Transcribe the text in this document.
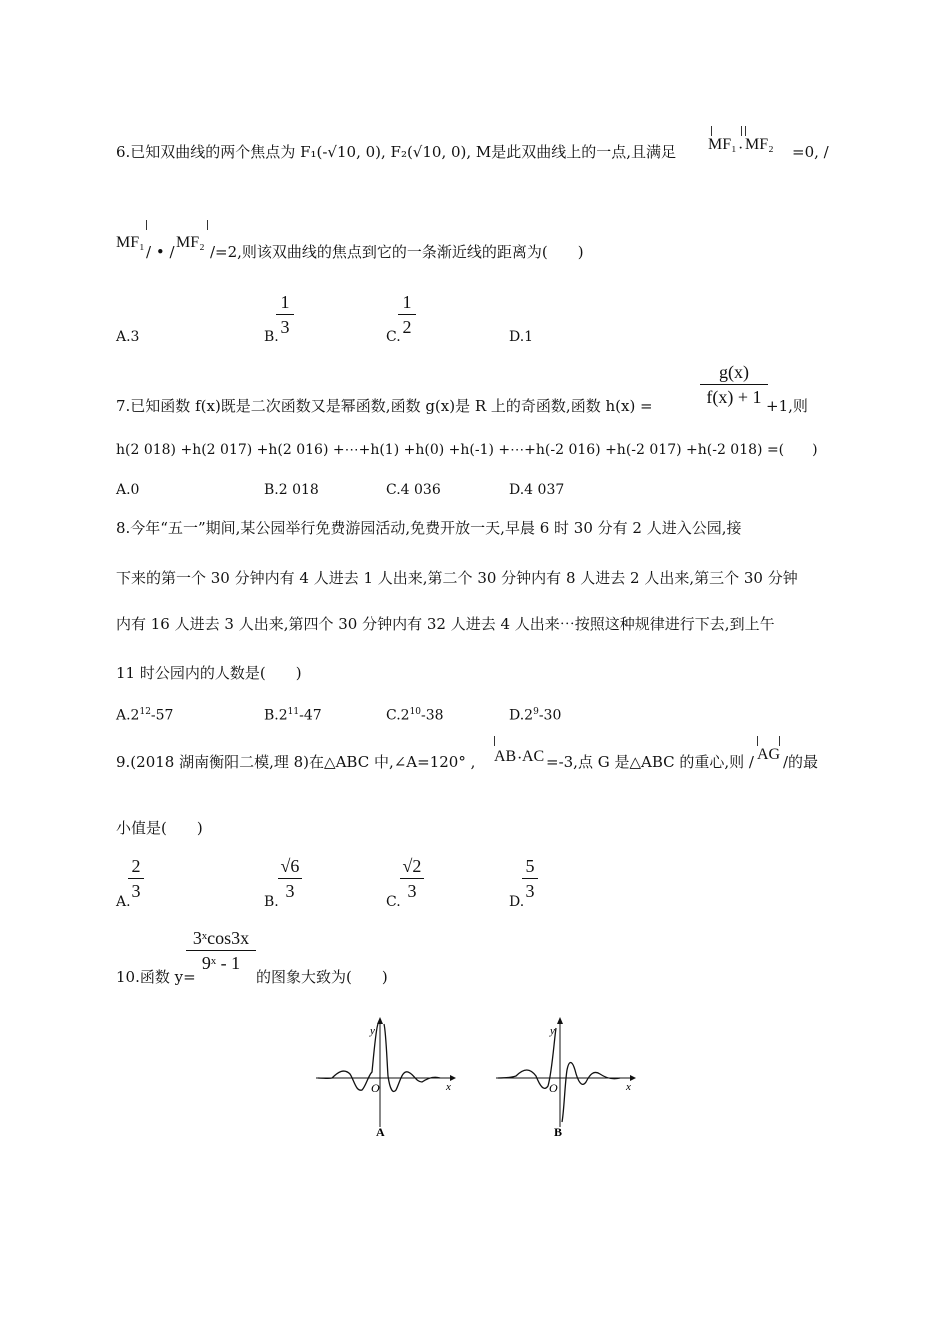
6.已知双曲线的两个焦点为 F₁(-√10, 0), F₂(√10, 0), M是此双曲线上的一点,且满足 MF₁ · MF₂ =0, /
MF₁
/ • /
MF₂
/=2,则该双曲线的焦点到它的一条渐近线的距离为(　　)
A.3	B.
1
3	C.
1
2	D.1
7.已知函数 f(x)既是二次函数又是幂函数,函数 g(x)是 R 上的奇函数,函数 h(x) =
g(x)
f(x) + 1 +1,则
h(2 018) +h(2 017) +h(2 016) +⋯+h(1) +h(0) +h(-1) +⋯+h(-2 016) +h(-2 017) +h(-2 018) =(　　)
A.0	B.2 018	C.4 036	D.4 037
8.今年“五一”期间,某公园举行免费游园活动,免费开放一天,早晨 6 时 30 分有 2 人进入公园,接
下来的第一个 30 分钟内有 4 人进去 1 人出来,第二个 30 分钟内有 8 人进去 2 人出来,第三个 30 分钟
内有 16 人进去 3 人出来,第四个 30 分钟内有 32 人进去 4 人出来⋯按照这种规律进行下去,到上午
11 时公园内的人数是(　　)
$A.2^{12}-57$	$B.2^{11}-47$	$C.2^{10}-38$	$D.2^9-30$
9.(2018 湖南衡阳二模,理 8)在△ABC 中,∠A=120° , AB · AC =-3,点 G 是△ABC 的重心,则 / AG /的最
小值是(　　)
A.
2
3
B.
√6
3
C.
√2
3
D.
5
3
10.函数 y=
3ˣcos3x
9ˣ - 1
的图象大致为(　　)
y
x
O
A
y
x
O
B
